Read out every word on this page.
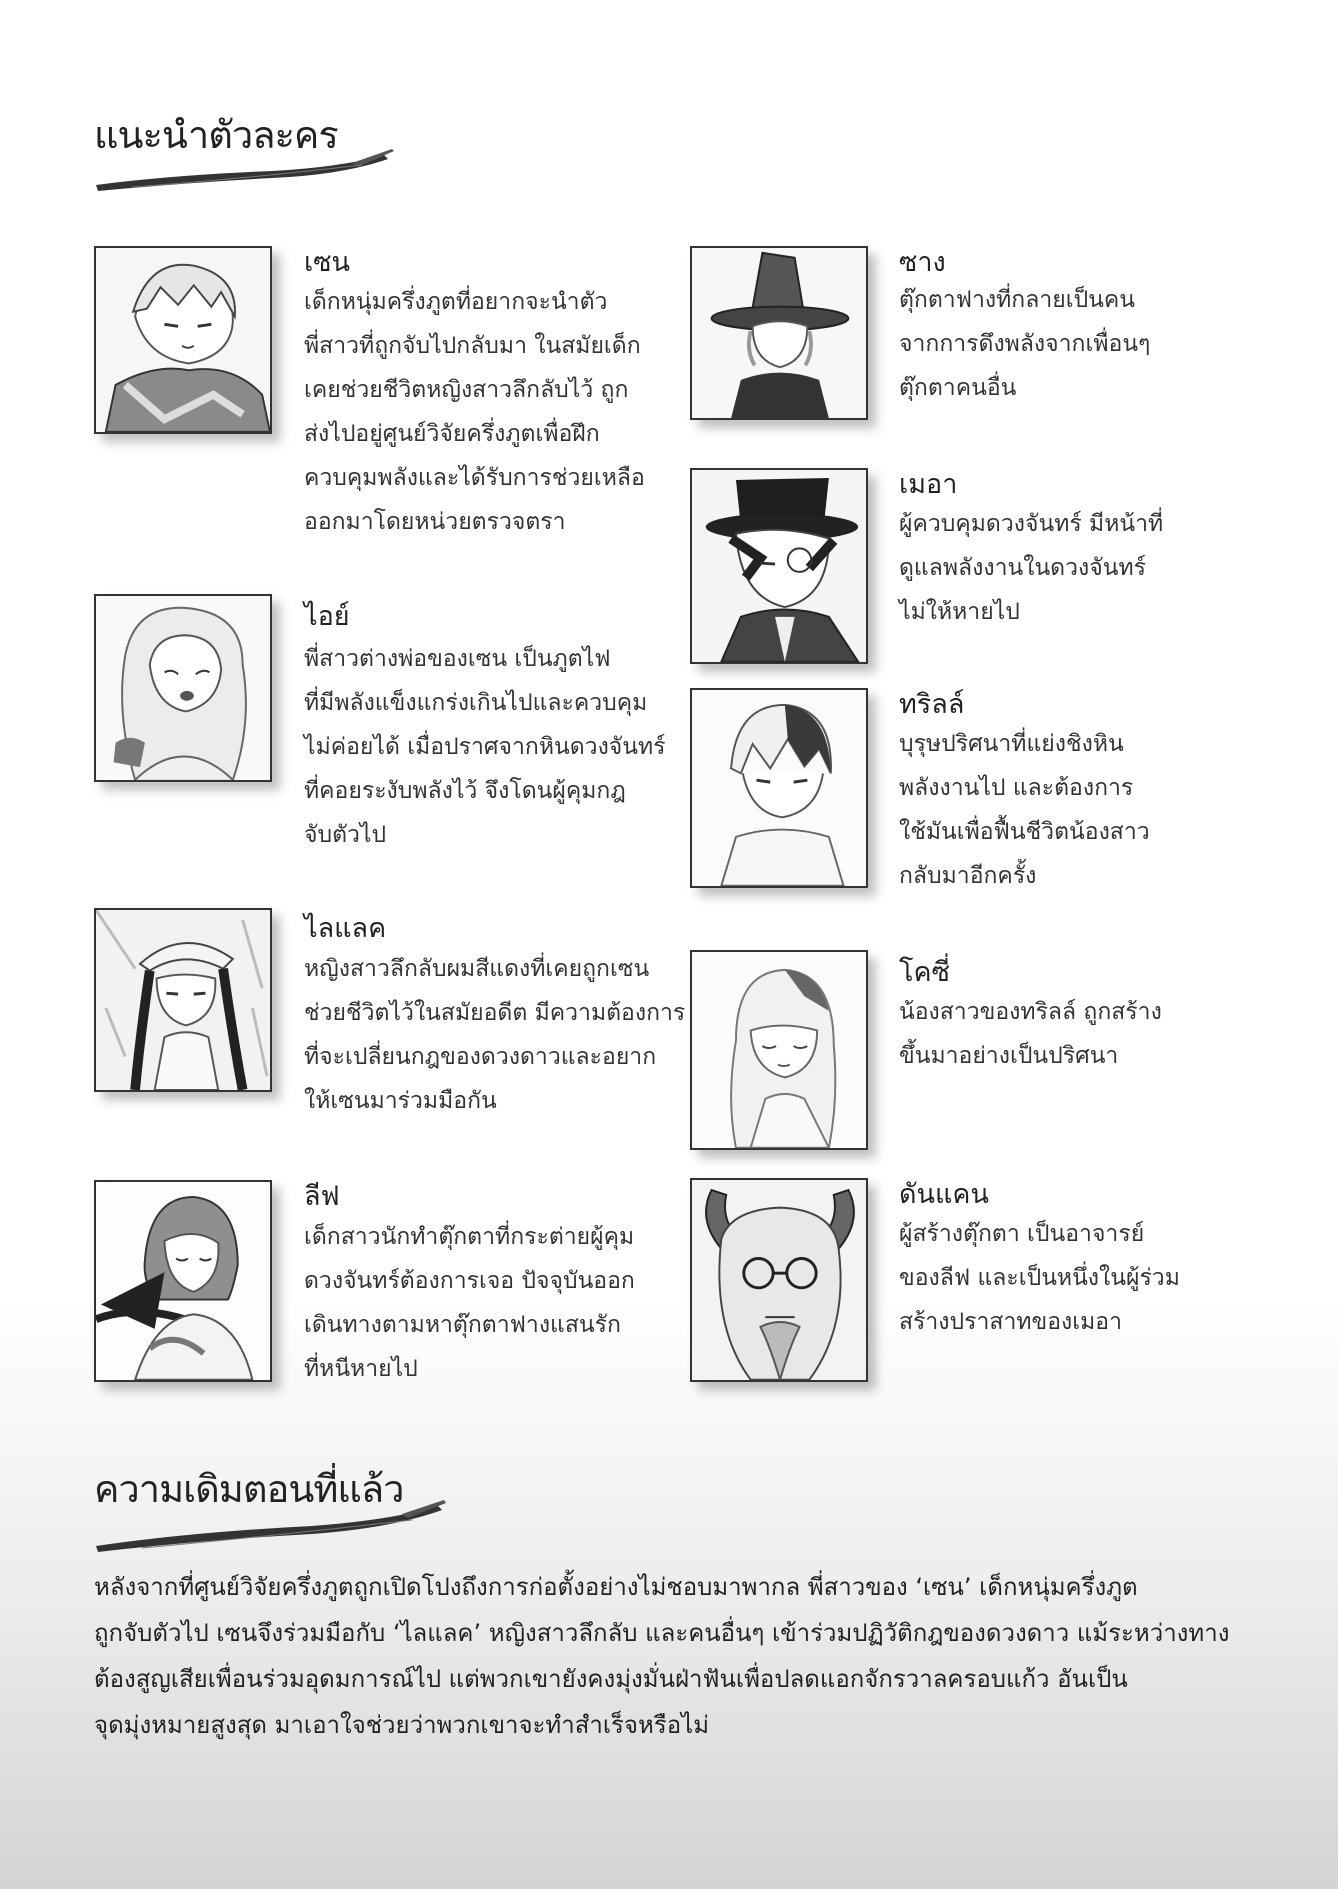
แนะนำตัวละคร
เซน
เด็กหนุ่มครึ่งภูตที่อยากจะนำตัว
พี่สาวที่ถูกจับไปกลับมา ในสมัยเด็ก
เคยช่วยชีวิตหญิงสาวลึกลับไว้ ถูก
ส่งไปอยู่ศูนย์วิจัยครึ่งภูตเพื่อฝึก
ควบคุมพลังและได้รับการช่วยเหลือ
ออกมาโดยหน่วยตรวจตรา
ไอย์
พี่สาวต่างพ่อของเซน เป็นภูตไฟ
ที่มีพลังแข็งแกร่งเกินไปและควบคุม
ไม่ค่อยได้ เมื่อปราศจากหินดวงจันทร์
ที่คอยระงับพลังไว้ จึงโดนผู้คุมกฎ
จับตัวไป
ไลแลค
หญิงสาวลึกลับผมสีแดงที่เคยถูกเซน
ช่วยชีวิตไว้ในสมัยอดีต มีความต้องการ
ที่จะเปลี่ยนกฎของดวงดาวและอยาก
ให้เซนมาร่วมมือกัน
ลีฟ
เด็กสาวนักทำตุ๊กตาที่กระต่ายผู้คุม
ดวงจันทร์ต้องการเจอ ปัจจุบันออก
เดินทางตามหาตุ๊กตาฟางแสนรัก
ที่หนีหายไป
ซาง
ตุ๊กตาฟางที่กลายเป็นคน
จากการดึงพลังจากเพื่อนๆ
ตุ๊กตาคนอื่น
เมอา
ผู้ควบคุมดวงจันทร์ มีหน้าที่
ดูแลพลังงานในดวงจันทร์
ไม่ให้หายไป
ทริลล์
บุรุษปริศนาที่แย่งชิงหิน
พลังงานไป และต้องการ
ใช้มันเพื่อฟื้นชีวิตน้องสาว
กลับมาอีกครั้ง
โคซี่
น้องสาวของทริลล์ ถูกสร้าง
ขึ้นมาอย่างเป็นปริศนา
ดันแคน
ผู้สร้างตุ๊กตา เป็นอาจารย์
ของลีฟ และเป็นหนึ่งในผู้ร่วม
สร้างปราสาทของเมอา
ความเดิมตอนที่แล้ว
หลังจากที่ศูนย์วิจัยครึ่งภูตถูกเปิดโปงถึงการก่อตั้งอย่างไม่ชอบมาพากล พี่สาวของ ‘เซน’ เด็กหนุ่มครึ่งภูต
ถูกจับตัวไป เซนจึงร่วมมือกับ ‘ไลแลค’ หญิงสาวลึกลับ และคนอื่นๆ เข้าร่วมปฏิวัติกฎของดวงดาว แม้ระหว่างทาง
ต้องสูญเสียเพื่อนร่วมอุดมการณ์ไป แต่พวกเขายังคงมุ่งมั่นฝ่าฟันเพื่อปลดแอกจักรวาลครอบแก้ว อันเป็น
จุดมุ่งหมายสูงสุด มาเอาใจช่วยว่าพวกเขาจะทำสำเร็จหรือไม่
